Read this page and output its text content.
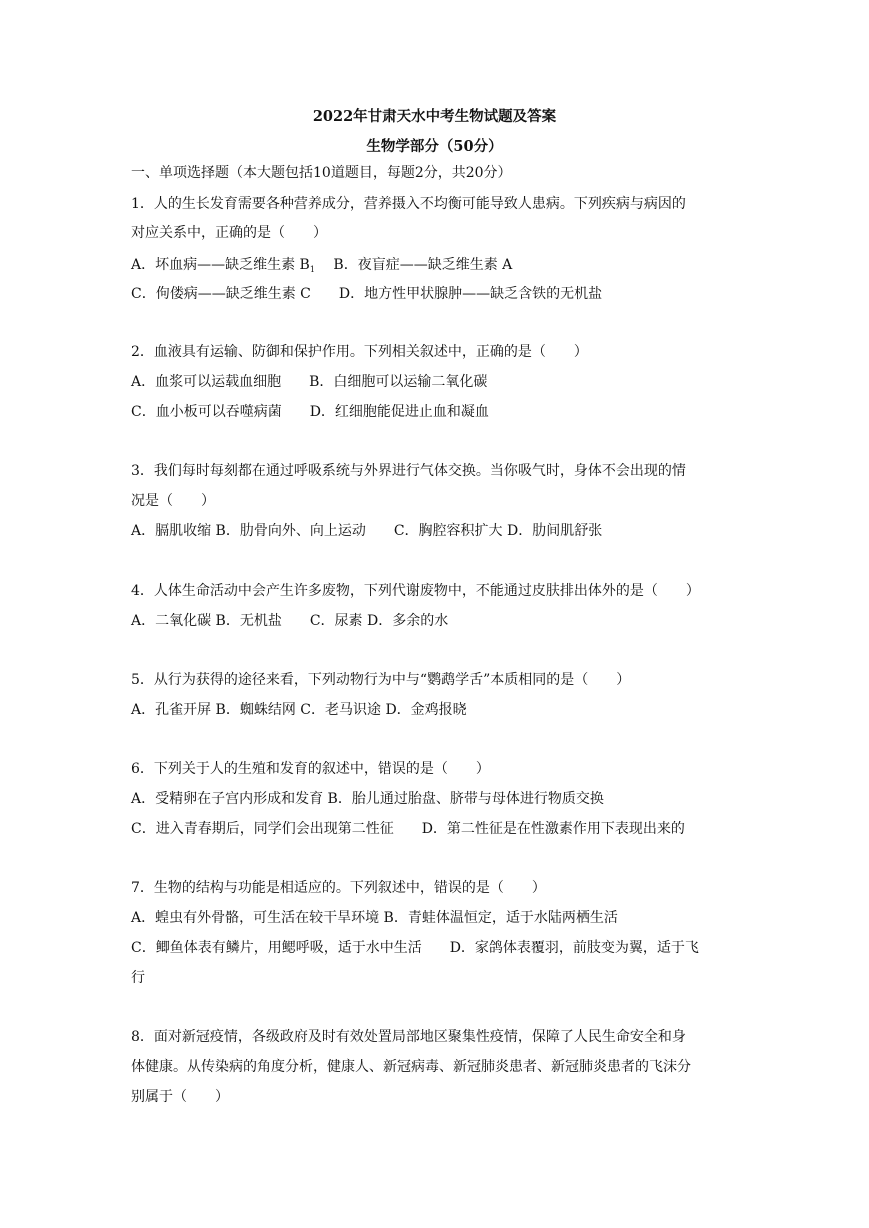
2022年甘肃天水中考生物试题及答案
生物学部分（50分）
一、单项选择题（本大题包括10道题目，每题2分，共20分）
1．人的生长发育需要各种营养成分，营养摄入不均衡可能导致人患病。下列疾病与病因的
对应关系中，正确的是（　　）
A．坏血病——缺乏维生素 $B_1$　 B．夜盲症——缺乏维生素 A
C．佝偻病——缺乏维生素 C　　D．地方性甲状腺肿——缺乏含铁的无机盐
2．血液具有运输、防御和保护作用。下列相关叙述中，正确的是（　　）
A．血浆可以运载血细胞　　B．白细胞可以运输二氧化碳
C．血小板可以吞噬病菌　　D．红细胞能促进止血和凝血
3．我们每时每刻都在通过呼吸系统与外界进行气体交换。当你吸气时，身体不会出现的情
况是（　　）
A．膈肌收缩 B．肋骨向外、向上运动　　C．胸腔容积扩大 D．肋间肌舒张
4．人体生命活动中会产生许多废物，下列代谢废物中，不能通过皮肤排出体外的是（　　）
A．二氧化碳 B．无机盐　　C．尿素 D．多余的水
5．从行为获得的途径来看，下列动物行为中与“鹦鹉学舌”本质相同的是（　　）
A．孔雀开屏 B．蜘蛛结网 C．老马识途 D．金鸡报晓
6．下列关于人的生殖和发育的叙述中，错误的是（　　）
A．受精卵在子宫内形成和发育 B．胎儿通过胎盘、脐带与母体进行物质交换
C．进入青春期后，同学们会出现第二性征　　D．第二性征是在性激素作用下表现出来的
7．生物的结构与功能是相适应的。下列叙述中，错误的是（　　）
A．蝗虫有外骨骼，可生活在较干旱环境 B．青蛙体温恒定，适于水陆两栖生活
C．鲫鱼体表有鳞片，用鳃呼吸，适于水中生活　　D．家鸽体表覆羽，前肢变为翼，适于飞
行
8．面对新冠疫情，各级政府及时有效处置局部地区聚集性疫情，保障了人民生命安全和身
体健康。从传染病的角度分析，健康人、新冠病毒、新冠肺炎患者、新冠肺炎患者的飞沫分
别属于（　　）
